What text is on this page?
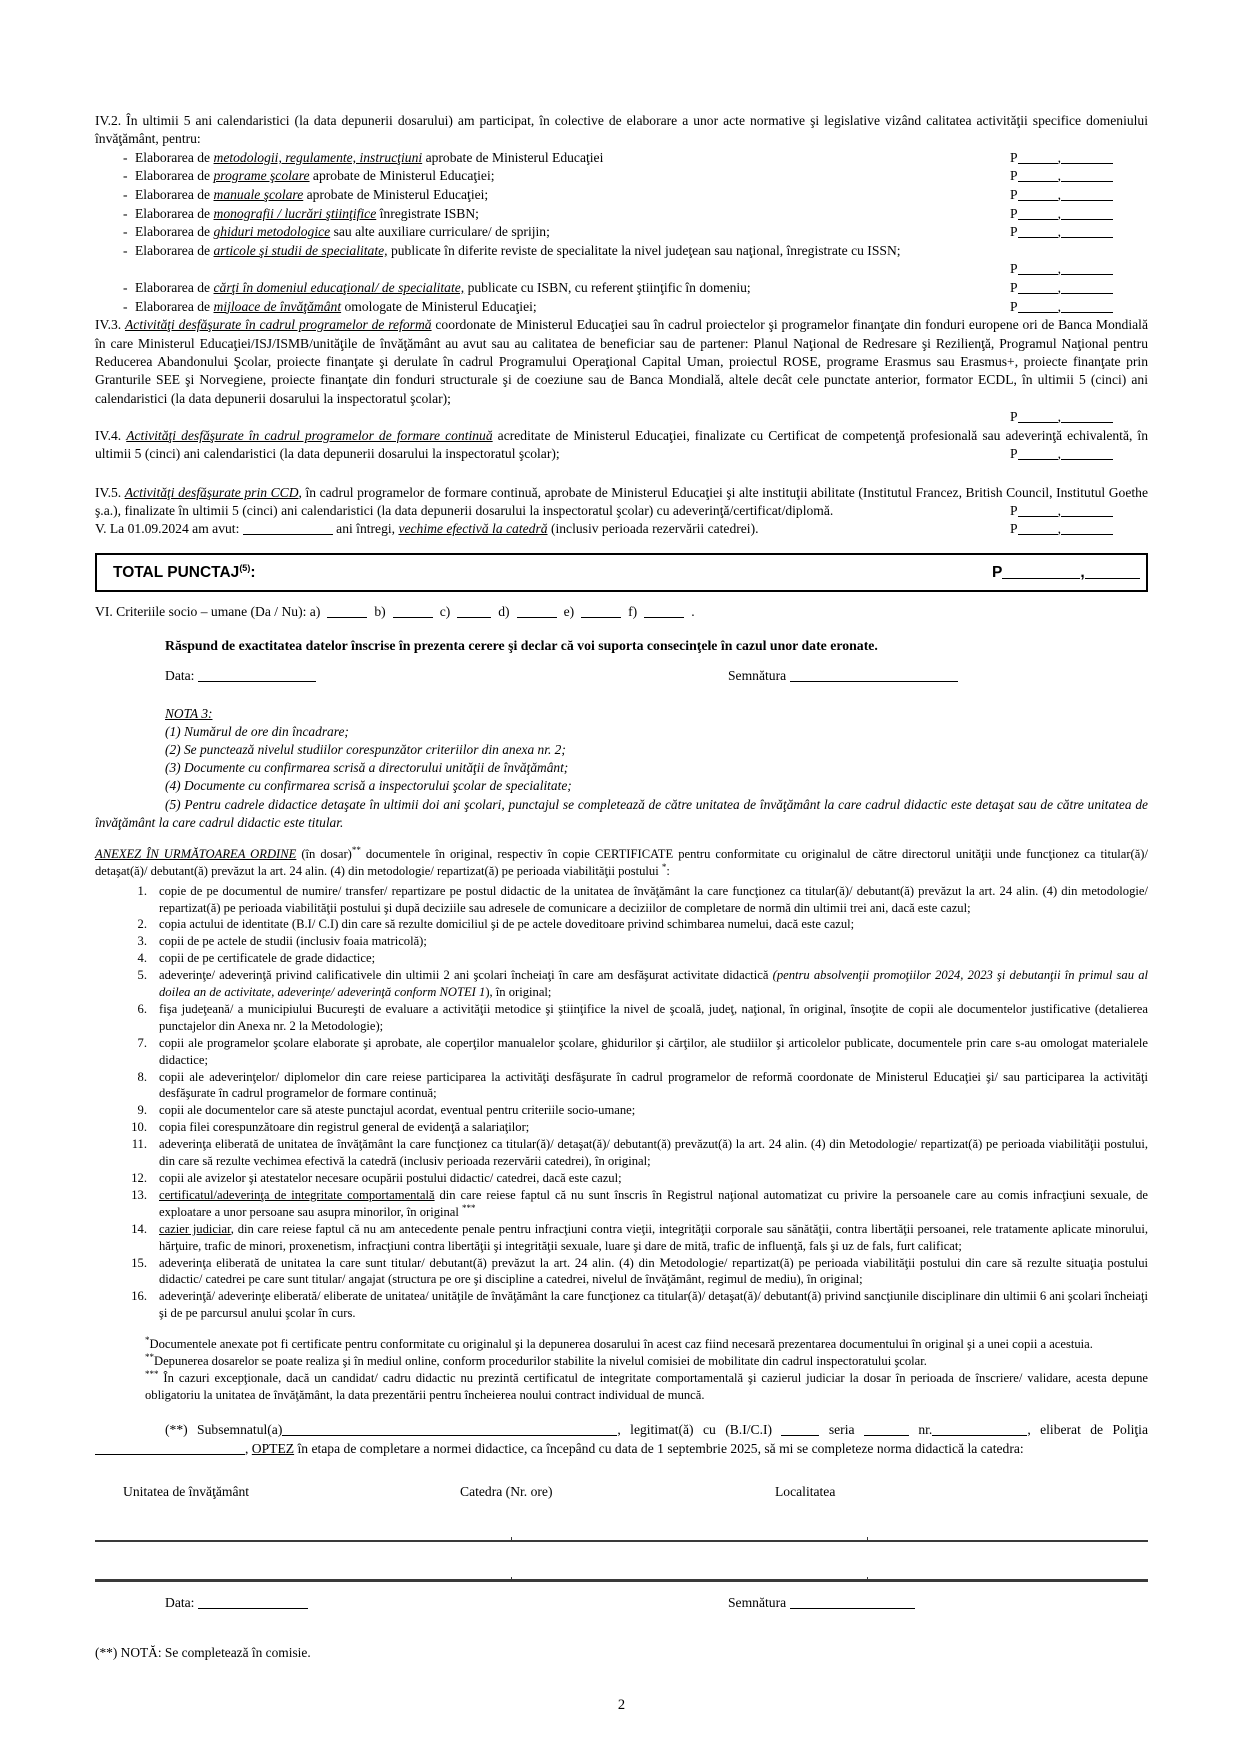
IV.2. În ultimii 5 ani calendaristici (la data depunerii dosarului) am participat, în colective de elaborare a unor acte normative şi legislative vizând calitatea activităţii specifice domeniului învăţământ, pentru:

- Elaborarea de metodologii, regulamente, instrucţiuni aprobate de Ministerul Educaţiei	P	,
- Elaborarea de programe şcolare aprobate de Ministerul Educaţiei;	P	,
- Elaborarea de manuale şcolare aprobate de Ministerul Educaţiei;	P	,
- Elaborarea de monografii / lucrări ştiinţifice înregistrate ISBN;	P	,
- Elaborarea de ghiduri metodologice sau alte auxiliare curriculare/ de sprijin;	P	,
- Elaborarea de articole şi studii de specialitate, publicate în diferite reviste de specialitate la nivel judeţean sau naţional, înregistrate cu ISSN;
P	,
- Elaborarea de cărţi în domeniul educaţional/ de specialitate, publicate cu ISBN, cu referent ştiinţific în domeniu;	P	,
- Elaborarea de mijloace de învăţământ omologate de Ministerul Educaţiei;	P	,

IV.3. Activităţi desfăşurate în cadrul programelor de reformă coordonate de Ministerul Educaţiei sau în cadrul proiectelor şi programelor finanţate din fonduri europene ori de Banca Mondială în care Ministerul Educaţiei/ISJ/ISMB/unităţile de învăţământ au avut sau au calitatea de beneficiar sau de partener: Planul Naţional de Redresare şi Rezilienţă, Programul Naţional pentru Reducerea Abandonului Şcolar, proiecte finanţate şi derulate în cadrul Programului Operaţional Capital Uman, proiectul ROSE, programe Erasmus sau Erasmus+, proiecte finanţate prin Granturile SEE şi Norvegiene, proiecte finanţate din fonduri structurale şi de coeziune sau de Banca Mondială, altele decât cele punctate anterior, formator ECDL, în ultimii 5 (cinci) ani calendaristici (la data depunerii dosarului la inspectoratul şcolar);

P	,

IV.4. Activităţi desfăşurate în cadrul programelor de formare continuă acreditate de Ministerul Educaţiei, finalizate cu Certificat de competenţă profesională sau adeverinţă echivalentă, în ultimii 5 (cinci) ani calendaristici (la data depunerii dosarului la inspectoratul şcolar);	P	,

IV.5. Activităţi desfăşurate prin CCD, în cadrul programelor de formare continuă, aprobate de Ministerul Educaţiei şi alte instituţii abilitate (Institutul Francez, British Council, Institutul Goethe ş.a.), finalizate în ultimii 5 (cinci) ani calendaristici (la data depunerii dosarului la inspectoratul şcolar) cu adeverinţă/certificat/diplomă.	P	,

V. La 01.09.2024 am avut:	ani întregi, vechime efectivă la catedră (inclusiv perioada rezervării catedrei).	P	,
TOTAL PUNCTAJ$^{(5)}$:	P	,
VI. Criteriile socio – umane (Da / Nu): a)	b)	c)	d)	e)	f)	.

Răspund de exactitatea datelor înscrise în prezenta cerere şi declar că voi suporta consecinţele în cazul unor date eronate.

Data:	Semnătura
NOTA 3:

(1) Numărul de ore din încadrare;

(2) Se punctează nivelul studiilor corespunzător criteriilor din anexa nr. 2;

(3) Documente cu confirmarea scrisă a directorului unităţii de învăţământ;

(4) Documente cu confirmarea scrisă a inspectorului şcolar de specialitate;

(5) Pentru cadrele didactice detaşate în ultimii doi ani şcolari, punctajul se completează de către unitatea de învăţământ la care cadrul didactic este detaşat sau de către unitatea de învăţământ la care cadrul didactic este titular.

ANEXEZ ÎN URMĂTOAREA ORDINE (în dosar)** documentele în original, respectiv în copie CERTIFICATE pentru conformitate cu originalul de către directorul unităţii unde funcţionez ca titular(ă)/ detaşat(ă)/ debutant(ă) prevăzut la art. 24 alin. (4) din metodologie/ repartizat(ă) pe perioada viabilităţii postului *:

1. copie de pe documentul de numire/ transfer/ repartizare pe postul didactic de la unitatea de învăţământ la care funcţionez ca titular(ă)/ debutant(ă) prevăzut la art. 24 alin. (4) din metodologie/ repartizat(ă) pe perioada viabilităţii postului şi după deciziile sau adresele de comunicare a deciziilor de completare de normă din ultimii trei ani, dacă este cazul;
2. copia actului de identitate (B.I/ C.I) din care să rezulte domiciliul şi de pe actele doveditoare privind schimbarea numelui, dacă este cazul;
3. copii de pe actele de studii (inclusiv foaia matricolă);
4. copii de pe certificatele de grade didactice;
5. adeverinţe/ adeverinţă privind calificativele din ultimii 2 ani şcolari încheiaţi în care am desfăşurat activitate didactică (pentru absolvenţii promoţiilor 2024, 2023 şi debutanţii în primul sau al doilea an de activitate, adeverinţe/ adeverinţă conform NOTEI 1), în original;
6. fişa judeţeană/ a municipiului Bucureşti de evaluare a activităţii metodice şi ştiinţifice la nivel de şcoală, judeţ, naţional, în original, însoţite de copii ale documentelor justificative (detalierea punctajelor din Anexa nr. 2 la Metodologie);
7. copii ale programelor şcolare elaborate şi aprobate, ale coperţilor manualelor şcolare, ghidurilor şi cărţilor, ale studiilor şi articolelor publicate, documentele prin care s-au omologat materialele didactice;
8. copii ale adeverinţelor/ diplomelor din care reiese participarea la activităţi desfăşurate în cadrul programelor de reformă coordonate de Ministerul Educaţiei şi/ sau participarea la activităţi desfăşurate în cadrul programelor de formare continuă;
9. copii ale documentelor care să ateste punctajul acordat, eventual pentru criteriile socio-umane;
10. copia filei corespunzătoare din registrul general de evidenţă a salariaţilor;
11. adeverinţa eliberată de unitatea de învăţământ la care funcţionez ca titular(ă)/ detaşat(ă)/ debutant(ă) prevăzut(ă) la art. 24 alin. (4) din Metodologie/ repartizat(ă) pe perioada viabilităţii postului, din care să rezulte vechimea efectivă la catedră (inclusiv perioada rezervării catedrei), în original;
12. copii ale avizelor şi atestatelor necesare ocupării postului didactic/ catedrei, dacă este cazul;
13. certificatul/adeverinţa de integritate comportamentală din care reiese faptul că nu sunt înscris în Registrul naţional automatizat cu privire la persoanele care au comis infracţiuni sexuale, de exploatare a unor persoane sau asupra minorilor, în original ***
14. cazier judiciar, din care reiese faptul că nu am antecedente penale pentru infracţiuni contra vieţii, integrităţii corporale sau sănătăţii, contra libertăţii persoanei, rele tratamente aplicate minorului, hărţuire, trafic de minori, proxenetism, infracţiuni contra libertăţii şi integrităţii sexuale, luare şi dare de mită, trafic de influenţă, fals şi uz de fals, furt calificat;
15. adeverinţa eliberată de unitatea la care sunt titular/ debutant(ă) prevăzut la art. 24 alin. (4) din Metodologie/ repartizat(ă) pe perioada viabilităţii postului din care să rezulte situaţia postului didactic/ catedrei pe care sunt titular/ angajat (structura pe ore şi discipline a catedrei, nivelul de învăţământ, regimul de mediu), în original;
16. adeverinţă/ adeverinţe eliberată/ eliberate de unitatea/ unităţile de învăţământ la care funcţionez ca titular(ă)/ detaşat(ă)/ debutant(ă) privind sancţiunile disciplinare din ultimii 6 ani şcolari încheiaţi şi de pe parcursul anului şcolar în curs.

*Documentele anexate pot fi certificate pentru conformitate cu originalul şi la depunerea dosarului în acest caz fiind necesară prezentarea documentului în original şi a unei copii a acestuia.

**Depunerea dosarelor se poate realiza şi în mediul online, conform procedurilor stabilite la nivelul comisiei de mobilitate din cadrul inspectoratului şcolar.

*** În cazuri excepţionale, dacă un candidat/ cadru didactic nu prezintă certificatul de integritate comportamentală şi cazierul judiciar la dosar în perioada de înscriere/ validare, acesta depune obligatoriu la unitatea de învăţământ, la data prezentării pentru încheierea noului contract individual de muncă.

(**) Subsemnatul(a)	, legitimat(ă) cu (B.I/C.I)	seria	nr.	, eliberat de Poliţia, OPTEZ în etapa de completare a normei didactice, ca începând cu data de 1 septembrie 2025, să mi se completeze norma didactică la catedra:

Unitatea de învăţământ	Catedra (Nr. ore)	Localitatea
Data:	Semnătura

(**) NOTĂ: Se completează în comisie.

2
